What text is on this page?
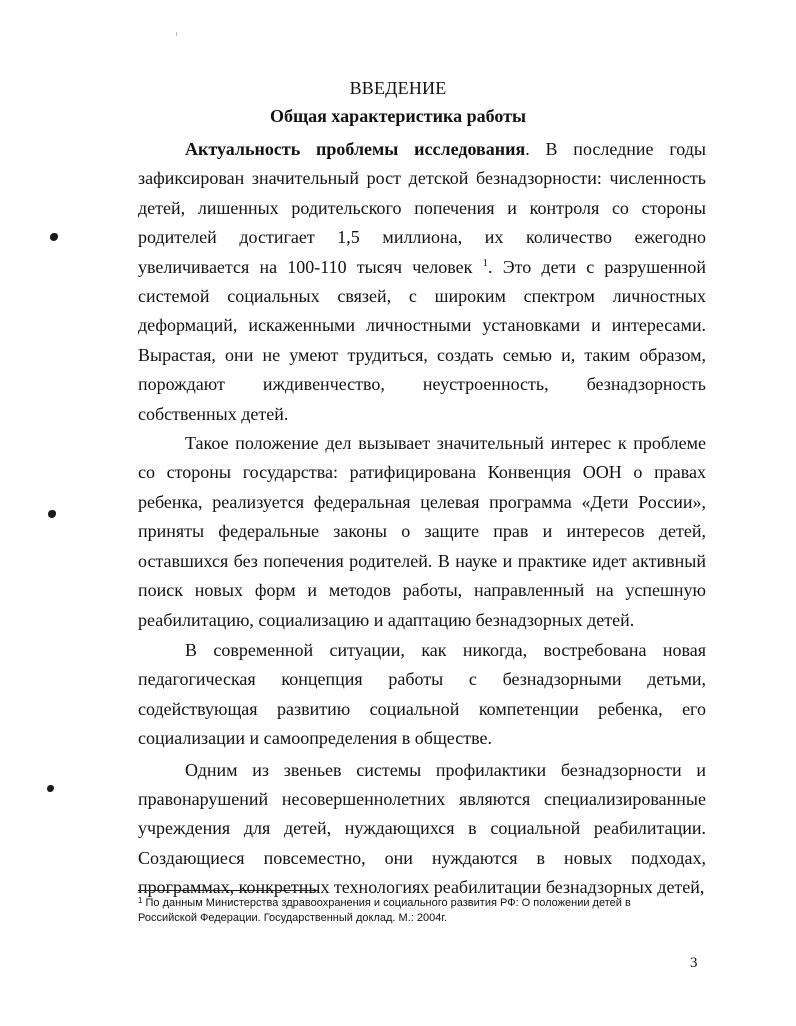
ВВЕДЕНИЕ
Общая характеристика работы

Актуальность проблемы исследования. В последние годы зафиксирован значительный рост детской безнадзорности: численность детей, лишенных родительского попечения и контроля со стороны родителей достигает 1,5 миллиона, их количество ежегодно увеличивается на 100-110 тысяч человек $^1$. Это дети с разрушенной системой социальных связей, с широким спектром личностных деформаций, искаженными личностными установками и интересами. Вырастая, они не умеют трудиться, создать семью и, таким образом, порождают иждивенчество, неустроенность, безнадзорность собственных детей.

Такое положение дел вызывает значительный интерес к проблеме со стороны государства: ратифицирована Конвенция ООН о правах ребенка, реализуется федеральная целевая программа «Дети России», приняты федеральные законы о защите прав и интересов детей, оставшихся без попечения родителей. В науке и практике идет активный поиск новых форм и методов работы, направленный на успешную реабилитацию, социализацию и адаптацию безнадзорных детей.

В современной ситуации, как никогда, востребована новая педагогическая концепция работы с безнадзорными детьми, содействующая развитию социальной компетенции ребенка, его социализации и самоопределения в обществе.

Одним из звеньев системы профилактики безнадзорности и правонарушений несовершеннолетних являются специализированные учреждения для детей, нуждающихся в социальной реабилитации. Создающиеся повсеместно, они нуждаются в новых подходах, программах, конкретных технологиях реабилитации безнадзорных детей,

$^1$ По данным Министерства здравоохранения и социального развития РФ: О положении детей в Российской Федерации. Государственный доклад. М.: 2004г.
3
